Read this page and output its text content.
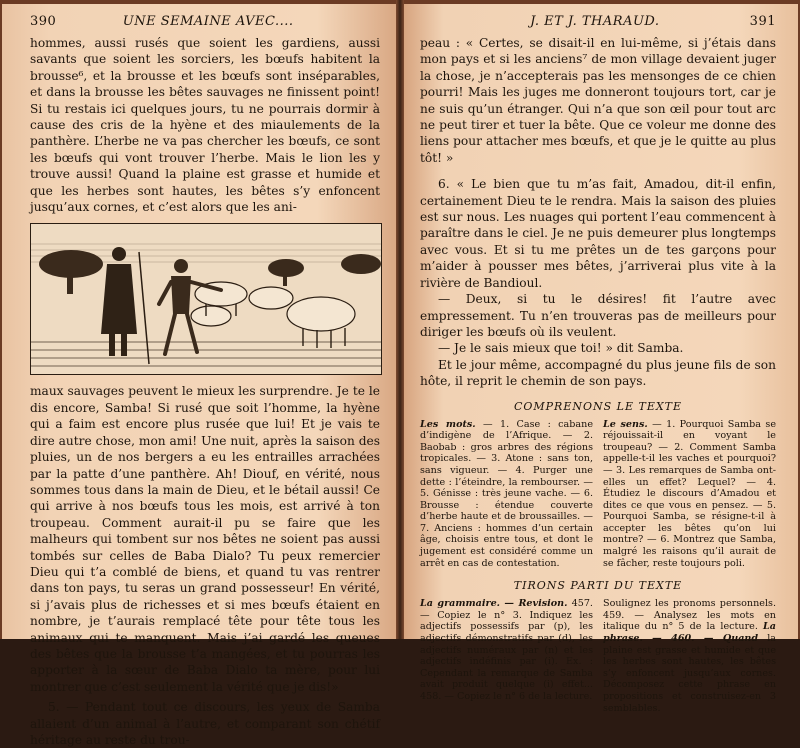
390	UNE SEMAINE AVEC....

hommes, aussi rusés que soient les gardiens, aussi savants que soient les sorciers, les bœufs habitent la brousse⁶, et la brousse et les bœufs sont inséparables, et dans la brousse les bêtes sauvages ne finissent point! Si tu restais ici quelques jours, tu ne pourrais dormir à cause des cris de la hyène et des miaulements de la panthère. L’herbe ne va pas chercher les bœufs, ce sont les bœufs qui vont trouver l’herbe. Mais le lion les y trouve aussi! Quand la plaine est grasse et humide et que les herbes sont hautes, les bêtes s’y enfoncent jusqu’aux cornes, et c’est alors que les ani-

maux sauvages peuvent le mieux les surprendre. Je te le dis encore, Samba! Si rusé que soit l’homme, la hyène qui a faim est encore plus rusée que lui! Et je vais te dire autre chose, mon ami! Une nuit, après la saison des pluies, un de nos bergers a eu les entrailles arrachées par la patte d’une panthère. Ah! Diouf, en vérité, nous sommes tous dans la main de Dieu, et le bétail aussi! Ce qui arrive à nos bœufs tous les mois, est arrivé à ton troupeau. Comment aurait-il pu se faire que les malheurs qui tombent sur nos bêtes ne soient pas aussi tombés sur celles de Baba Dialo? Tu peux remercier Dieu qui t’a comblé de biens, et quand tu vas rentrer dans ton pays, tu seras un grand possesseur! En vérité, si j’avais plus de richesses et si mes bœufs étaient en nombre, je t’aurais remplacé tête pour tête tous les animaux qui te manquent. Mais j’ai gardé les queues des bêtes que la brousse t’a mangées, et tu pourras les apporter à la sœur de Baba Dialo ta mère, pour lui montrer que c’est seulement la vérité que je dis!»

5. — Pendant tout ce discours, les yeux de Samba allaient d’un animal à l’autre, et comparant son chétif héritage au reste du trou-

J. ET J. THARAUD.	391

peau : « Certes, se disait-il en lui-même, si j’étais dans mon pays et si les anciens⁷ de mon village devaient juger la chose, je n’accepterais pas les mensonges de ce chien pourri! Mais les juges me donneront toujours tort, car je ne suis qu’un étranger. Qui n’a que son œil pour tout arc ne peut tirer et tuer la bête. Que ce voleur me donne des liens pour attacher mes bœufs, et que je le quitte au plus tôt! »

6. « Le bien que tu m’as fait, Amadou, dit-il enfin, certainement Dieu te le rendra. Mais la saison des pluies est sur nous. Les nuages qui portent l’eau commencent à paraître dans le ciel. Je ne puis demeurer plus longtemps avec vous. Et si tu me prêtes un de tes garçons pour m’aider à pousser mes bêtes, j’arriverai plus vite à la rivière de Bandioul.

— Deux, si tu le désires! fit l’autre avec empressement. Tu n’en trouveras pas de meilleurs pour diriger les bœufs où ils veulent.

— Je le sais mieux que toi! » dit Samba.

Et le jour même, accompagné du plus jeune fils de son hôte, il reprit le chemin de son pays.

COMPRENONS LE TEXTE
Les mots. — 1. Case : cabane d’indigène de l’Afrique. — 2. Baobab : gros arbres des régions tropicales. — 3. Atone : sans ton, sans vigueur. — 4. Purger une dette : l’éteindre, la rembourser. — 5. Génisse : très jeune vache. — 6. Brousse : étendue couverte d’herbe haute et de broussailles. — 7. Anciens : hommes d’un certain âge, choisis entre tous, et dont le jugement est considéré comme un arrêt en cas de contestation.
Le sens. — 1. Pourquoi Samba se réjouissait-il en voyant le troupeau? — 2. Comment Samba appelle-t-il les vaches et pourquoi? — 3. Les remarques de Samba ont-elles un effet? Lequel? — 4. Étudiez le discours d’Amadou et dites ce que vous en pensez. — 5. Pourquoi Samba, se résigne-t-il à accepter les bêtes qu’on lui montre? — 6. Montrez que Samba, malgré les raisons qu’il aurait de se fâcher, reste toujours poli.
TIRONS PARTI DU TEXTE
La grammaire. — Revision. 457. — Copiez le n° 3. Indiquez les adjectifs possessifs par (p), les adjectifs démonstratifs par (d), les adjectifs numéraux par (n) et les adjectifs indéfinis par (i). Ex. : Cependant la remarque de Samba avait produit quelque (i) effet... 458. — Copiez le n° 6 de la lecture.
Soulignez les pronoms personnels. 459. — Analysez les mots en italique du n° 5 de la lecture. La phrase. — 460. — Quand la plaine est grasse et humide et que les herbes sont hautes, les bêtes s’y enfoncent jusqu’aux cornes. Décomposez cette phrase en propositions et construisez-en 3 semblables.
